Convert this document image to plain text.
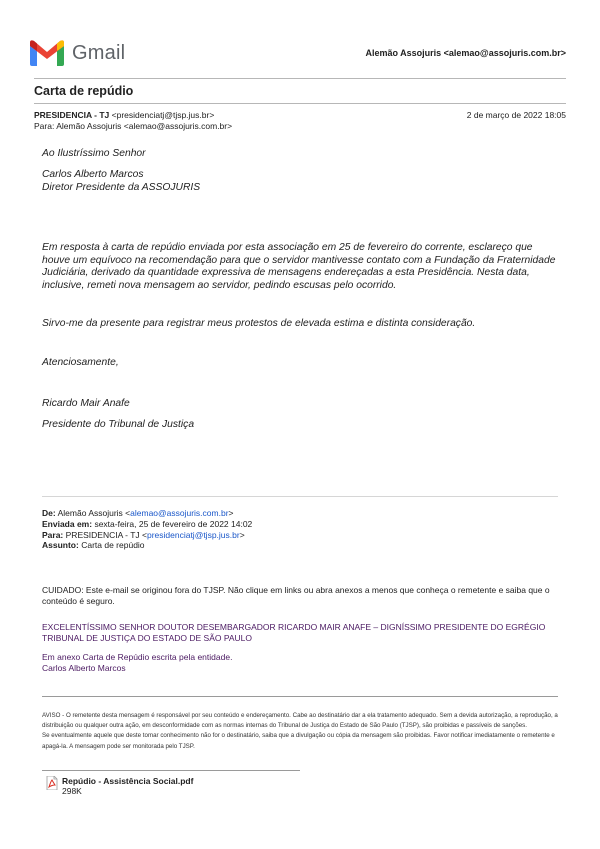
Gmail	Alemão Assojuris <alemao@assojuris.com.br>
Carta de repúdio
PRESIDENCIA - TJ <presidenciatj@tjsp.jus.br>
Para: Alemão Assojuris <alemao@assojuris.com.br>
2 de março de 2022 18:05
Ao Ilustríssimo Senhor
Carlos Alberto Marcos
Diretor Presidente da ASSOJURIS
Em resposta à carta de repúdio enviada por esta associação em 25 de fevereiro do corrente, esclareço que houve um equívoco na recomendação para que o servidor mantivesse contato com a Fundação da Fraternidade Judiciária, derivado da quantidade expressiva de mensagens endereçadas a esta Presidência. Nesta data, inclusive, remeti nova mensagem ao servidor, pedindo escusas pelo ocorrido.
Sirvo-me da presente para registrar meus protestos de elevada estima e distinta consideração.
Atenciosamente,
Ricardo Mair Anafe
Presidente do Tribunal de Justiça
De: Alemão Assojuris <alemao@assojuris.com.br>
Enviada em: sexta-feira, 25 de fevereiro de 2022 14:02
Para: PRESIDENCIA - TJ <presidenciatj@tjsp.jus.br>
Assunto: Carta de repúdio
CUIDADO: Este e-mail se originou fora do TJSP. Não clique em links ou abra anexos a menos que conheça o remetente e saiba que o conteúdo é seguro.
EXCELENTÍSSIMO SENHOR DOUTOR DESEMBARGADOR RICARDO MAIR ANAFE – DIGNÍSSIMO PRESIDENTE DO EGRÉGIO TRIBUNAL DE JUSTIÇA DO ESTADO DE SÃO PAULO
Em anexo Carta de Repúdio escrita pela entidade.
Carlos Alberto Marcos
AVISO - O remetente desta mensagem é responsável por seu conteúdo e endereçamento. Cabe ao destinatário dar a ela tratamento adequado. Sem a devida autorização, a reprodução, a distribuição ou qualquer outra ação, em desconformidade com as normas internas do Tribunal de Justiça do Estado de São Paulo (TJSP), são proibidas e passíveis de sanções.
Se eventualmente aquele que deste tomar conhecimento não for o destinatário, saiba que a divulgação ou cópia da mensagem são proibidas. Favor notificar imediatamente o remetente e apagá-la. A mensagem pode ser monitorada pelo TJSP.
Repúdio - Assistência Social.pdf
298K
